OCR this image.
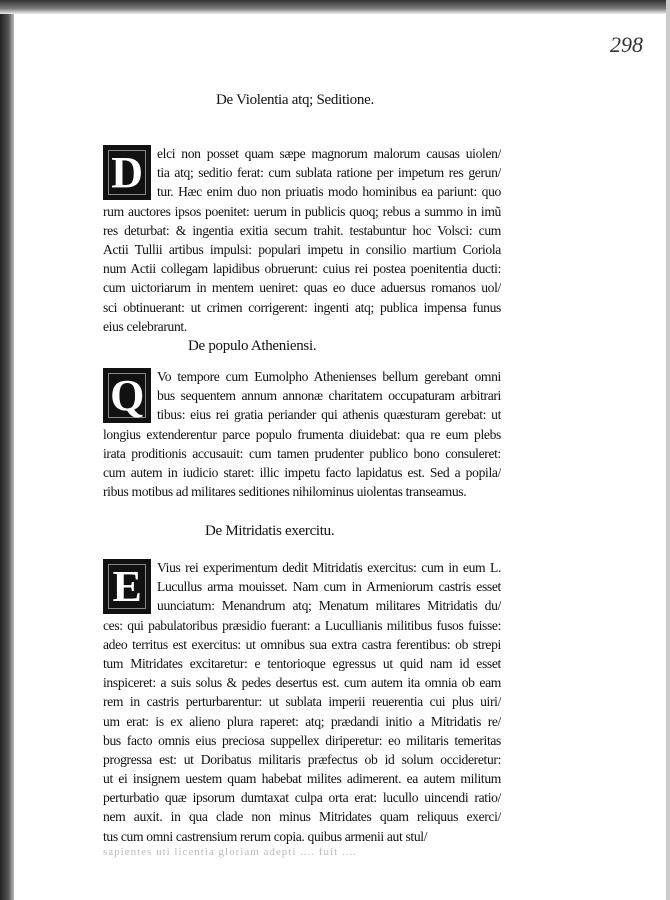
298
De Violentia atq; Seditione.
D	elci non posset quam sæpe magnorum malorum causas uiolen/
tia atq; seditio ferat: cum sublata ratione per impetum res gerun/
tur. Hæc enim duo non priuatis modo hominibus ea pariunt: quo
rum auctores ipsos poenitet: uerum in publicis quoq; rebus a summo in imũ
res deturbat: & ingentia exitia secum trahit. testabuntur hoc Volsci: cum
Actii Tullii artibus impulsi: populari impetu in consilio martium Coriola
num Actii collegam lapidibus obruerunt: cuius rei postea poenitentia ducti:
cum uictoriarum in mentem ueniret: quas eo duce aduersus romanos uol/
sci obtinuerant: ut crimen corrigerent: ingenti atq; publica impensa funus
eius celebrarunt.
De populo Atheniensi.
Q Vo tempore cum Eumolpho Athenienses bellum gerebant omni
bus sequentem annum annonæ charitatem occupaturam arbitrari
tibus: eius rei gratia periander qui athenis quæsturam gerebat: ut
longius extenderentur parce populo frumenta diuidebat: qua re eum plebs
irata proditionis accusauit: cum tamen prudenter publico bono consuleret:
cum autem in iudicio staret: illic impetu facto lapidatus est. Sed a popila/
ribus motibus ad militares seditiones nihilominus uiolentas transeamus.
De Mitridatis exercitu.
E	Vius rei experimentum dedit Mitridatis exercitus: cum in eum L.
Lucullus arma mouisset. Nam cum in Armeniorum castris esset
uunciatum: Menandrum atq; Menatum militares Mitridatis du/
ces: qui pabulatoribus præsidio fuerant: a Lucullianis militibus fusos fuisse:
adeo territus est exercitus: ut omnibus sua extra castra ferentibus: ob strepi
tum Mitridates excitaretur: e tentorioque egressus ut quid nam id esset
inspiceret: a suis solus & pedes desertus est. cum autem ita omnia ob eam
rem in castris perturbarentur: ut sublata imperii reuerentia cui plus uiri/
um erat: is ex alieno plura raperet: atq; prædandi initio a Mitridatis re/
bus facto omnis eius preciosa suppellex diriperetur: eo militaris temeritas
progressa est: ut Doribatus militaris præfectus ob id solum occideretur:
ut ei insignem uestem quam habebat milites adimerent. ea autem militum
perturbatio quæ ipsorum dumtaxat culpa orta erat: lucullo uincendi ratio/
nem auxit. in qua clade non minus Mitridates quam reliquus exerci/
tus cum omni castrensium rerum copia. quibus armenii aut stul/
sapientes uti licentia gloriam adepti .... fuit ....
